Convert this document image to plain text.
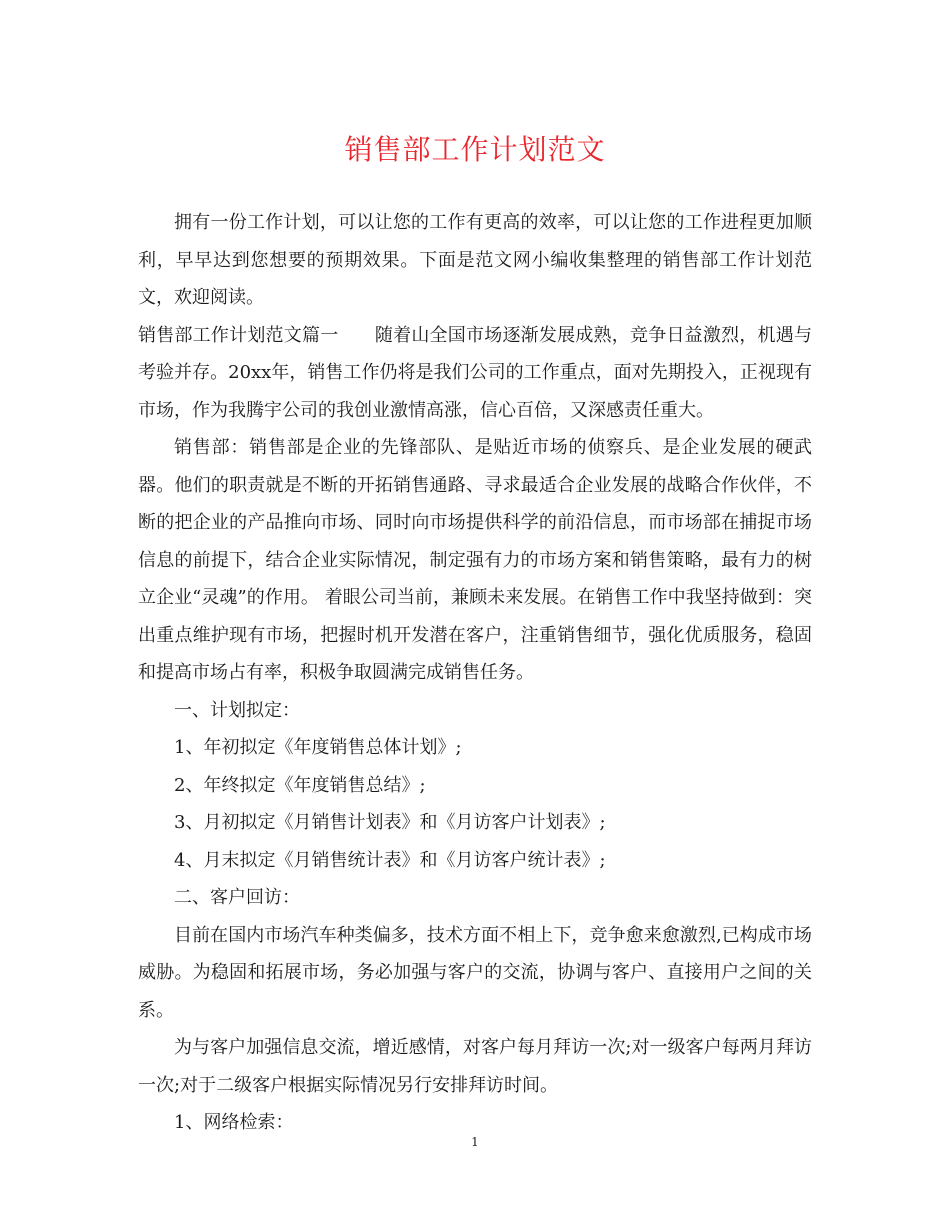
销售部工作计划范文

拥有一份工作计划，可以让您的工作有更高的效率，可以让您的工作进程更加顺利，早早达到您想要的预期效果。下面是范文网小编收集整理的销售部工作计划范文，欢迎阅读。

销售部工作计划范文篇一　　随着山全国市场逐渐发展成熟，竞争日益激烈，机遇与考验并存。20xx年，销售工作仍将是我们公司的工作重点，面对先期投入，正视现有市场，作为我腾宇公司的我创业激情高涨，信心百倍，又深感责任重大。

销售部：销售部是企业的先锋部队、是贴近市场的侦察兵、是企业发展的硬武器。他们的职责就是不断的开拓销售通路、寻求最适合企业发展的战略合作伙伴，不断的把企业的产品推向市场、同时向市场提供科学的前沿信息，而市场部在捕捉市场信息的前提下，结合企业实际情况，制定强有力的市场方案和销售策略，最有力的树立企业“灵魂”的作用。 着眼公司当前，兼顾未来发展。在销售工作中我坚持做到：突出重点维护现有市场，把握时机开发潜在客户，注重销售细节，强化优质服务，稳固和提高市场占有率，积极争取圆满完成销售任务。

一、计划拟定：

1、年初拟定《年度销售总体计划》;

2、年终拟定《年度销售总结》;

3、月初拟定《月销售计划表》和《月访客户计划表》;

4、月末拟定《月销售统计表》和《月访客户统计表》;

二、客户回访：

目前在国内市场汽车种类偏多，技术方面不相上下，竞争愈来愈激烈,已构成市场威胁。为稳固和拓展市场，务必加强与客户的交流，协调与客户、直接用户之间的关系。

为与客户加强信息交流，增近感情，对客户每月拜访一次;对一级客户每两月拜访一次;对于二级客户根据实际情况另行安排拜访时间。

1、网络检索：

1
